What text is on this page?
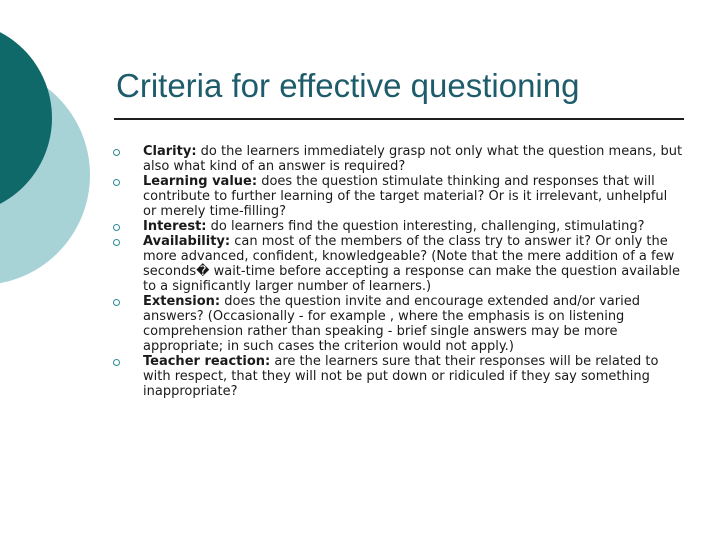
Criteria for effective questioning
Clarity: do the learners immediately grasp not only what the question means, but also what kind of an answer is required?
Learning value: does the question stimulate thinking and responses that will contribute to further learning of the target material? Or is it irrelevant, unhelpful or merely time-filling?
Interest: do learners find the question interesting, challenging, stimulating?
Availability: can most of the members of the class try to answer it? Or only the more advanced, confident, knowledgeable? (Note that the mere addition of a few seconds� wait-time before accepting a response can make the question available to a significantly larger number of learners.)
Extension: does the question invite and encourage extended and/or varied answers? (Occasionally - for example , where the emphasis is on listening comprehension rather than speaking - brief single answers may be more appropriate; in such cases the criterion would not apply.)
Teacher reaction: are the learners sure that their responses will be related to with respect, that they will not be put down or ridiculed if they say something inappropriate?
